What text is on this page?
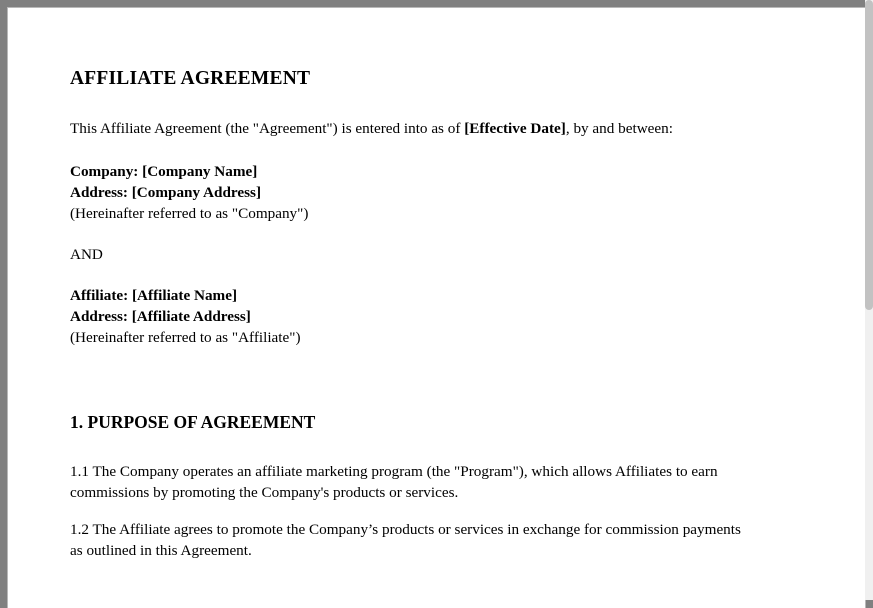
AFFILIATE AGREEMENT

This Affiliate Agreement (the "Agreement") is entered into as of [Effective Date], by and between:

Company: [Company Name]

Address: [Company Address]

(Hereinafter referred to as "Company")

AND

Affiliate: [Affiliate Name]

Address: [Affiliate Address]

(Hereinafter referred to as "Affiliate")

1. PURPOSE OF AGREEMENT

1.1 The Company operates an affiliate marketing program (the "Program"), which allows Affiliates to earn commissions by promoting the Company's products or services.

1.2 The Affiliate agrees to promote the Company’s products or services in exchange for commission payments as outlined in this Agreement.
